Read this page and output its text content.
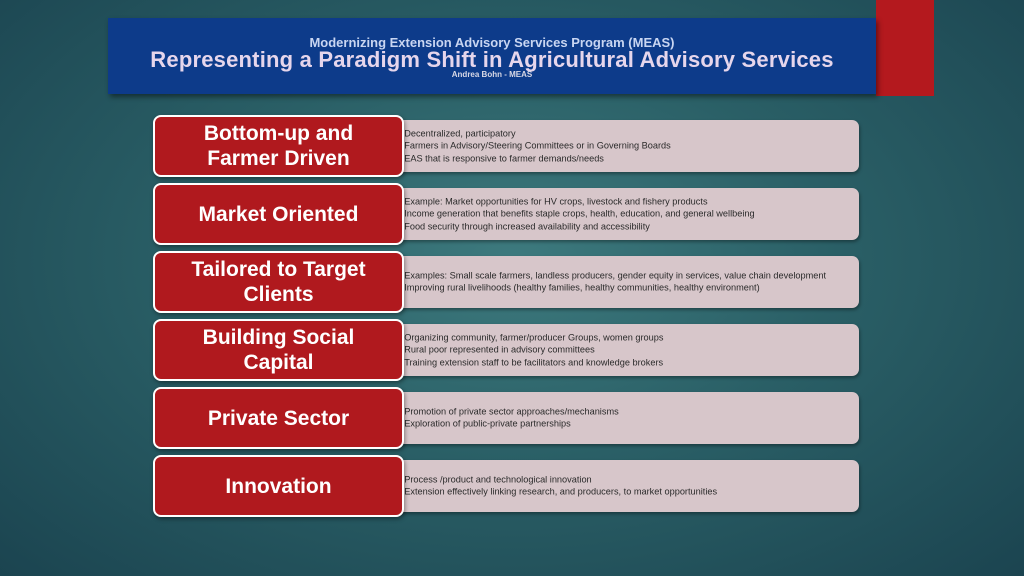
Modernizing Extension Advisory Services Program (MEAS)
Representing a Paradigm Shift in Agricultural Advisory Services
Andrea Bohn - MEAS
• Decentralized, participatory
• Farmers in Advisory/Steering Committees or in Governing Boards
• EAS that is responsive to farmer demands/needs
Bottom-up and
Farmer Driven
• Example: Market opportunities for HV crops, livestock and fishery products
• Income generation that benefits staple crops, health, education, and general wellbeing
• Food security through increased availability and accessibility
Market Oriented
• Examples: Small scale farmers, landless producers, gender equity in services, value chain development
• Improving rural livelihoods (healthy families, healthy communities, healthy environment)
Tailored to Target
Clients
• Organizing community, farmer/producer Groups, women groups
• Rural poor represented in advisory committees
• Training extension staff to be facilitators and knowledge brokers
Building Social
Capital
• Promotion of private sector approaches/mechanisms
• Exploration of public-private partnerships
Private Sector
• Process /product and technological innovation
• Extension effectively linking research, and producers, to market opportunities
Innovation
